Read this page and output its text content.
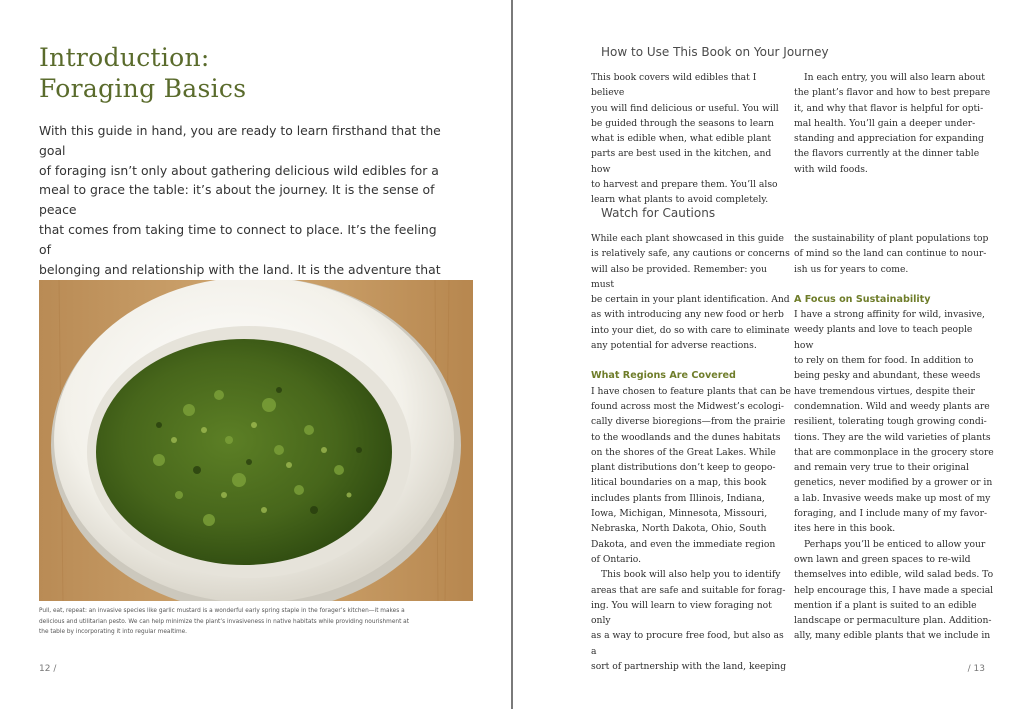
Introduction:
Foraging Basics
With this guide in hand, you are ready to learn firsthand that the goal
of foraging isn’t only about gathering delicious wild edibles for a
meal to grace the table: it’s about the journey. It is the sense of peace
that comes from taking time to connect to place. It’s the feeling of
belonging and relationship with the land. It is the adventure that
Pull, eat, repeat: an invasive species like garlic mustard is a wonderful early spring staple in the forager’s kitchen—it makes a
delicious and utilitarian pesto. We can help minimize the plant’s invasiveness in native habitats while providing nourishment at
the table by incorporating it into regular mealtime.
12 /
How to Use This Book on Your Journey
This book covers wild edibles that I believe
you will find delicious or useful. You will
be guided through the seasons to learn
what is edible when, what edible plant
parts are best used in the kitchen, and how
to harvest and prepare them. You’ll also
learn what plants to avoid completely.
In each entry, you will also learn about
the plant’s flavor and how to best prepare
it, and why that flavor is helpful for opti-
mal health. You’ll gain a deeper under-
standing and appreciation for expanding
the flavors currently at the dinner table
with wild foods.
Watch for Cautions
While each plant showcased in this guide
is relatively safe, any cautions or concerns
will also be provided. Remember: you must
be certain in your plant identification. And
as with introducing any new food or herb
into your diet, do so with care to eliminate
any potential for adverse reactions.
What Regions Are Covered
I have chosen to feature plants that can be
found across most the Midwest’s ecologi-
cally diverse bioregions—from the prairie
to the woodlands and the dunes habitats
on the shores of the Great Lakes. While
plant distributions don’t keep to geopo-
litical boundaries on a map, this book
includes plants from Illinois, Indiana,
Iowa, Michigan, Minnesota, Missouri,
Nebraska, North Dakota, Ohio, South
Dakota, and even the immediate region
of Ontario.
This book will also help you to identify
areas that are safe and suitable for forag-
ing. You will learn to view foraging not only
as a way to procure free food, but also as a
sort of partnership with the land, keeping
the sustainability of plant populations top
of mind so the land can continue to nour-
ish us for years to come.
A Focus on Sustainability
I have a strong affinity for wild, invasive,
weedy plants and love to teach people how
to rely on them for food. In addition to
being pesky and abundant, these weeds
have tremendous virtues, despite their
condemnation. Wild and weedy plants are
resilient, tolerating tough growing condi-
tions. They are the wild varieties of plants
that are commonplace in the grocery store
and remain very true to their original
genetics, never modified by a grower or in
a lab. Invasive weeds make up most of my
foraging, and I include many of my favor-
ites here in this book.
Perhaps you’ll be enticed to allow your
own lawn and green spaces to re-wild
themselves into edible, wild salad beds. To
help encourage this, I have made a special
mention if a plant is suited to an edible
landscape or permaculture plan. Addition-
ally, many edible plants that we include in
/ 13
